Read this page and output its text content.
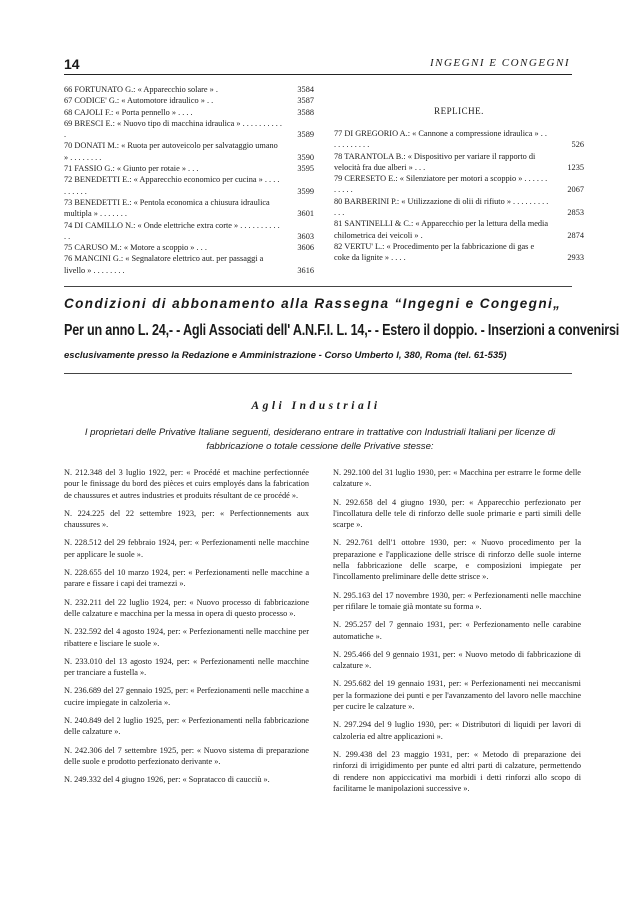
14	INGEGNI E CONGEGNI
66 FORTUNATO G.: « Apparecchio solare » .	3584
67 CODICE' G.: « Automotore idraulico » . .	3587
68 CAJOLI F.: « Porta pennello » . . . .	3588
69 BRESCI E.: « Nuovo tipo di macchina idraulica » . . . . . . . . . . .	3589
70 DONATI M.: « Ruota per autoveicolo per salvataggio umano » . . . . . . . .	3590
71 FASSIO G.: « Giunto per rotaie » . . .	3595
72 BENEDETTI E.: « Apparecchio economico per cucina » . . . . . . . . . .	3599
73 BENEDETTI E.: « Pentola economica a chiusura idraulica multipla » . . . . . . .	3601
74 DI CAMILLO N.: « Onde elettriche extra corte » . . . . . . . . . . . .	3603
75 CARUSO M.: « Motore a scoppio » . . .	3606
76 MANCINI G.: « Segnalatore elettrico aut. per passaggi a livello » . . . . . . . .	3616
REPLICHE.
77 DI GREGORIO A.: « Cannone a compressione idraulica » . . . . . . . . . . .	526
78 TARANTOLA B.: « Dispositivo per variare il rapporto di velocità fra due alberi » . . .	1235
79 CERESETO E.: « Silenziatore per motori a scoppio » . . . . . . . . . . .	2067
80 BARBERINI P.: « Utilizzazione di olii di rifiuto » . . . . . . . . . . . .	2853
81 SANTINELLI & C.: « Apparecchio per la lettura della media chilometrica dei veicoli » .	2874
82 VERTU' L.: « Procedimento per la fabbricazione di gas e coke da lignite » . . . .	2933
Condizioni di abbonamento alla Rassegna “Ingegni e Congegni„
Per un anno L. 24,- - Agli Associati dell' A.N.F.I. L. 14,- - Estero il doppio. - Inserzioni a convenirsi
esclusivamente presso la Redazione e Amministrazione - Corso Umberto I, 380, Roma (tel. 61-535)
Agli Industriali
I proprietari delle Privative Italiane seguenti, desiderano entrare in trattative con Industriali Italiani per licenze di fabbricazione o totale cessione delle Privative stesse:
N. 212.348 del 3 luglio 1922, per: « Procédé et machine perfectionnée pour le finissage du bord des pièces et cuirs employés dans la fabrication de chaussures et autres industries et produits résultant de ce procédé ».
N. 224.225 del 22 settembre 1923, per: « Perfectionnements aux chaussures ».
N. 228.512 del 29 febbraio 1924, per: « Perfezionamenti nelle macchine per applicare le suole ».
N. 228.655 del 10 marzo 1924, per: « Perfezionamenti nelle macchine a parare e fissare i capi dei tramezzi ».
N. 232.211 del 22 luglio 1924, per: « Nuovo processo di fabbricazione delle calzature e macchina per la messa in opera di questo processo ».
N. 232.592 del 4 agosto 1924, per: « Perfezionamenti nelle macchine per ribattere e lisciare le suole ».
N. 233.010 del 13 agosto 1924, per: « Perfezionamenti nelle macchine per tranciare a fustella ».
N. 236.689 del 27 gennaio 1925, per: « Perfezionamenti nelle macchine a cucire impiegate in calzoleria ».
N. 240.849 del 2 luglio 1925, per: « Perfezionamenti nella fabbricazione delle calzature ».
N. 242.306 del 7 settembre 1925, per: « Nuovo sistema di preparazione delle suole e prodotto perfezionato derivante ».
N. 249.332 del 4 giugno 1926, per: « Sopratacco di caucciù ».
N. 292.100 del 31 luglio 1930, per: « Macchina per estrarre le forme delle calzature ».
N. 292.658 del 4 giugno 1930, per: « Apparecchio perfezionato per l'incollatura delle tele di rinforzo delle suole primarie e parti simili delle scarpe ».
N. 292.761 dell'1 ottobre 1930, per: « Nuovo procedimento per la preparazione e l'applicazione delle strisce di rinforzo delle suole interne nella fabbricazione delle scarpe, e composizioni impiegate per l'incollamento preliminare delle dette strisce ».
N. 295.163 del 17 novembre 1930, per: « Perfezionamenti nelle macchine per rifilare le tomaie già montate su forma ».
N. 295.257 del 7 gennaio 1931, per: « Perfezionamento nelle carabine automatiche ».
N. 295.466 del 9 gennaio 1931, per: « Nuovo metodo di fabbricazione di calzature ».
N. 295.682 del 19 gennaio 1931, per: « Perfezionamenti nei meccanismi per la formazione dei punti e per l'avanzamento del lavoro nelle macchine per cucire le calzature ».
N. 297.294 del 9 luglio 1930, per: « Distributori di liquidi per lavori di calzoleria ed altre applicazioni ».
N. 299.438 del 23 maggio 1931, per: « Metodo di preparazione dei rinforzi di irrigidimento per punte ed altri parti di calzature, permettendo di rendere non appiccicativi ma morbidi i detti rinforzi allo scopo di facilitarne le manipolazioni successive ».
